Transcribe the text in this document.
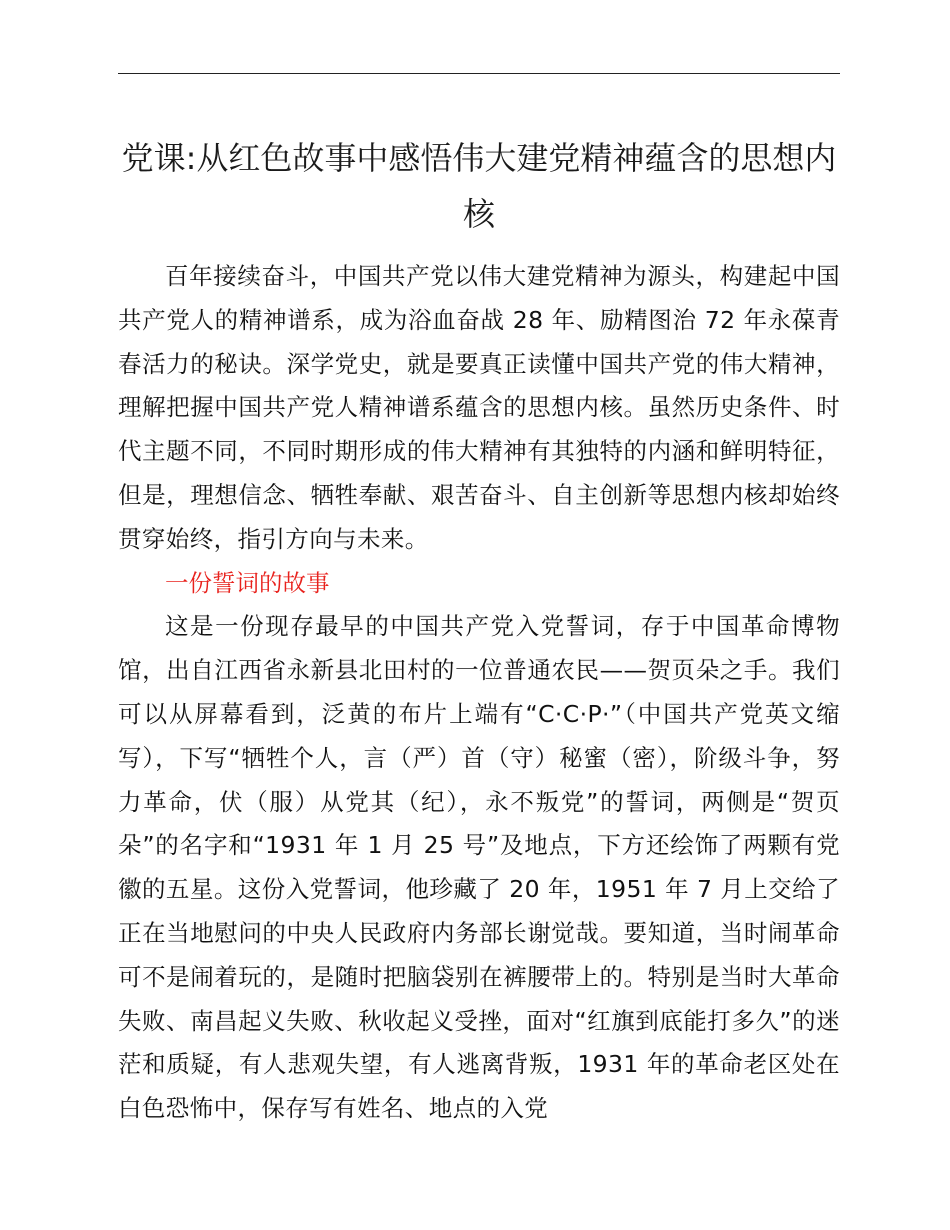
党课:从红色故事中感悟伟大建党精神蕴含的思想内核

百年接续奋斗，中国共产党以伟大建党精神为源头，构建起中国共产党人的精神谱系，成为浴血奋战 28 年、励精图治 72 年永葆青春活力的秘诀。深学党史，就是要真正读懂中国共产党的伟大精神，理解把握中国共产党人精神谱系蕴含的思想内核。虽然历史条件、时代主题不同，不同时期形成的伟大精神有其独特的内涵和鲜明特征，但是，理想信念、牺牲奉献、艰苦奋斗、自主创新等思想内核却始终贯穿始终，指引方向与未来。

一份誓词的故事

这是一份现存最早的中国共产党入党誓词，存于中国革命博物馆，出自江西省永新县北田村的一位普通农民——贺页朵之手。我们可以从屏幕看到，泛黄的布片上端有“C·C·P·”（中国共产党英文缩写），下写“牺牲个人，言（严）首（守）秘蜜（密），阶级斗争，努力革命，伏（服）从党其（纪），永不叛党”的誓词，两侧是“贺页朵”的名字和“1931 年 1 月 25 号”及地点，下方还绘饰了两颗有党徽的五星。这份入党誓词，他珍藏了 20 年，1951 年 7 月上交给了正在当地慰问的中央人民政府内务部长谢觉哉。要知道，当时闹革命可不是闹着玩的，是随时把脑袋别在裤腰带上的。特别是当时大革命失败、南昌起义失败、秋收起义受挫，面对“红旗到底能打多久”的迷茫和质疑，有人悲观失望，有人逃离背叛，1931 年的革命老区处在白色恐怖中，保存写有姓名、地点的入党
